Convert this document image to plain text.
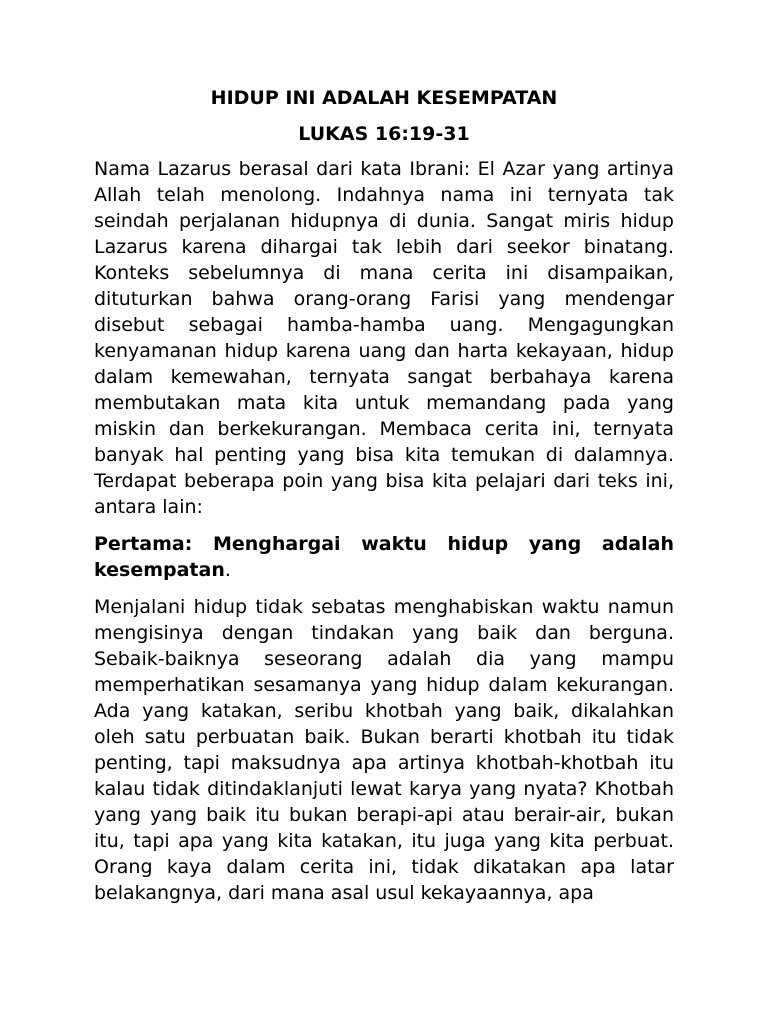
HIDUP INI ADALAH KESEMPATAN
LUKAS 16:19-31

Nama Lazarus berasal dari kata Ibrani: El Azar yang artinya Allah telah menolong. Indahnya nama ini ternyata tak seindah perjalanan hidupnya di dunia. Sangat miris hidup Lazarus karena dihargai tak lebih dari seekor binatang. Konteks sebelumnya di mana cerita ini disampaikan, dituturkan bahwa orang-orang Farisi yang mendengar disebut sebagai hamba-hamba uang. Mengagungkan kenyamanan hidup karena uang dan harta kekayaan, hidup dalam kemewahan, ternyata sangat berbahaya karena membutakan mata kita untuk memandang pada yang miskin dan berkekurangan. Membaca cerita ini, ternyata banyak hal penting yang bisa kita temukan di dalamnya. Terdapat beberapa poin yang bisa kita pelajari dari teks ini, antara lain:

Pertama: Menghargai waktu hidup yang adalah kesempatan.

Menjalani hidup tidak sebatas menghabiskan waktu namun mengisinya dengan tindakan yang baik dan berguna. Sebaik-baiknya seseorang adalah dia yang mampu memperhatikan sesamanya yang hidup dalam kekurangan. Ada yang katakan, seribu khotbah yang baik, dikalahkan oleh satu perbuatan baik. Bukan berarti khotbah itu tidak penting, tapi maksudnya apa artinya khotbah-khotbah itu kalau tidak ditindaklanjuti lewat karya yang nyata? Khotbah yang yang baik itu bukan berapi-api atau berair-air, bukan itu, tapi apa yang kita katakan, itu juga yang kita perbuat. Orang kaya dalam cerita ini, tidak dikatakan apa latar belakangnya, dari mana asal usul kekayaannya, apa
